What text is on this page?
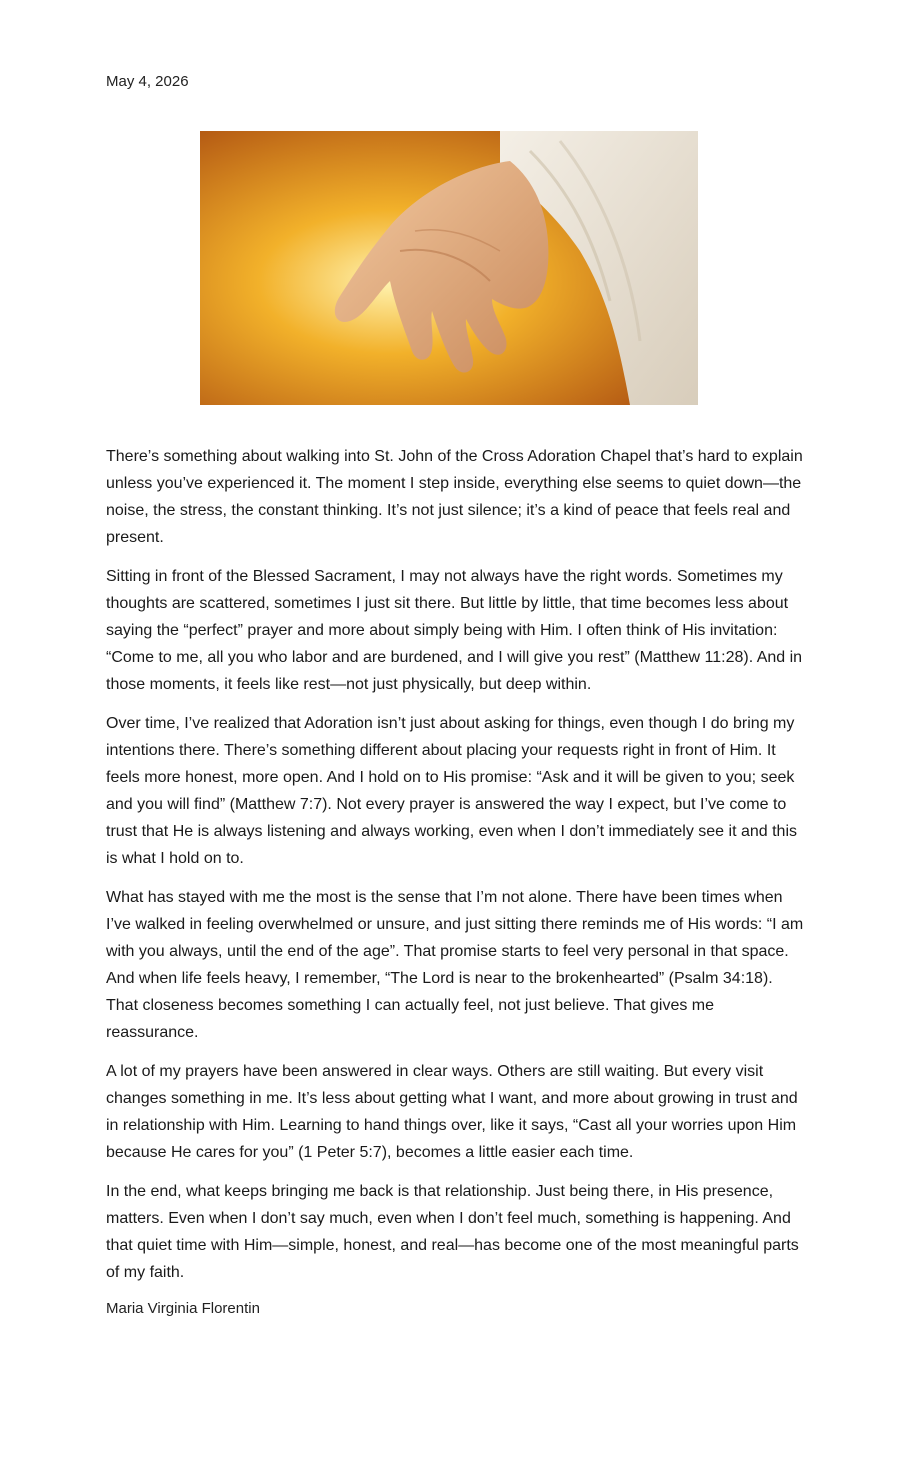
May 4, 2026

There’s something about walking into St. John of the Cross Adoration Chapel that’s hard to explain unless you’ve experienced it. The moment I step inside, everything else seems to quiet down—the noise, the stress, the constant thinking. It’s not just silence; it’s a kind of peace that feels real and present.

Sitting in front of the Blessed Sacrament, I may not always have the right words. Sometimes my thoughts are scattered, sometimes I just sit there. But little by little, that time becomes less about saying the “perfect” prayer and more about simply being with Him. I often think of His invitation: “Come to me, all you who labor and are burdened, and I will give you rest” (Matthew 11:28). And in those moments, it feels like rest—not just physically, but deep within.

Over time, I’ve realized that Adoration isn’t just about asking for things, even though I do bring my intentions there. There’s something different about placing your requests right in front of Him. It feels more honest, more open. And I hold on to His promise: “Ask and it will be given to you; seek and you will find” (Matthew 7:7). Not every prayer is answered the way I expect, but I’ve come to trust that He is always listening and always working, even when I don’t immediately see it and this is what I hold on to.

What has stayed with me the most is the sense that I’m not alone. There have been times when I’ve walked in feeling overwhelmed or unsure, and just sitting there reminds me of His words: “I am with you always, until the end of the age”. That promise starts to feel very personal in that space. And when life feels heavy, I remember, “The Lord is near to the brokenhearted” (Psalm 34:18). That closeness becomes something I can actually feel, not just believe. That gives me reassurance.

A lot of my prayers have been answered in clear ways. Others are still waiting. But every visit changes something in me. It’s less about getting what I want, and more about growing in trust and in relationship with Him. Learning to hand things over, like it says, “Cast all your worries upon Him because He cares for you” (1 Peter 5:7), becomes a little easier each time.

In the end, what keeps bringing me back is that relationship. Just being there, in His presence, matters. Even when I don’t say much, even when I don’t feel much, something is happening. And that quiet time with Him—simple, honest, and real—has become one of the most meaningful parts of my faith.

Maria Virginia Florentin
